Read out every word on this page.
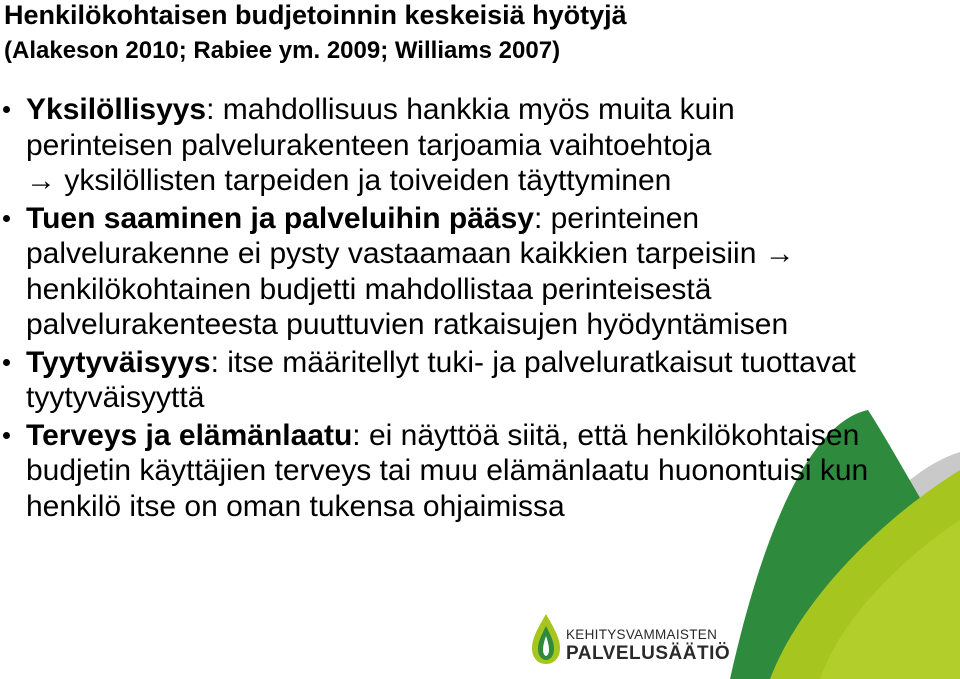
Henkilökohtaisen budjetoinnin keskeisiä hyötyjä
(Alakeson 2010; Rabiee ym. 2009; Williams 2007)
Yksilöllisyys: mahdollisuus hankkia myös muita kuin perinteisen palvelurakenteen tarjoamia vaihtoehtoja
→ yksilöllisten tarpeiden ja toiveiden täyttyminen
Tuen saaminen ja palveluihin pääsy: perinteinen palvelurakenne ei pysty vastaamaan kaikkien tarpeisiin → henkilökohtainen budjetti mahdollistaa perinteisestä palvelurakenteesta puuttuvien ratkaisujen hyödyntämisen
Tyytyväisyys: itse määritellyt tuki- ja palveluratkaisut tuottavat tyytyväisyyttä
Terveys ja elämänlaatu: ei näyttöä siitä, että henkilökohtaisen budjetin käyttäjien terveys tai muu elämänlaatu huonontuisi kun henkilö itse on oman tukensa ohjaimissa
KEHITYSVAMMAISTEN
PALVELUSÄÄTIÖ
